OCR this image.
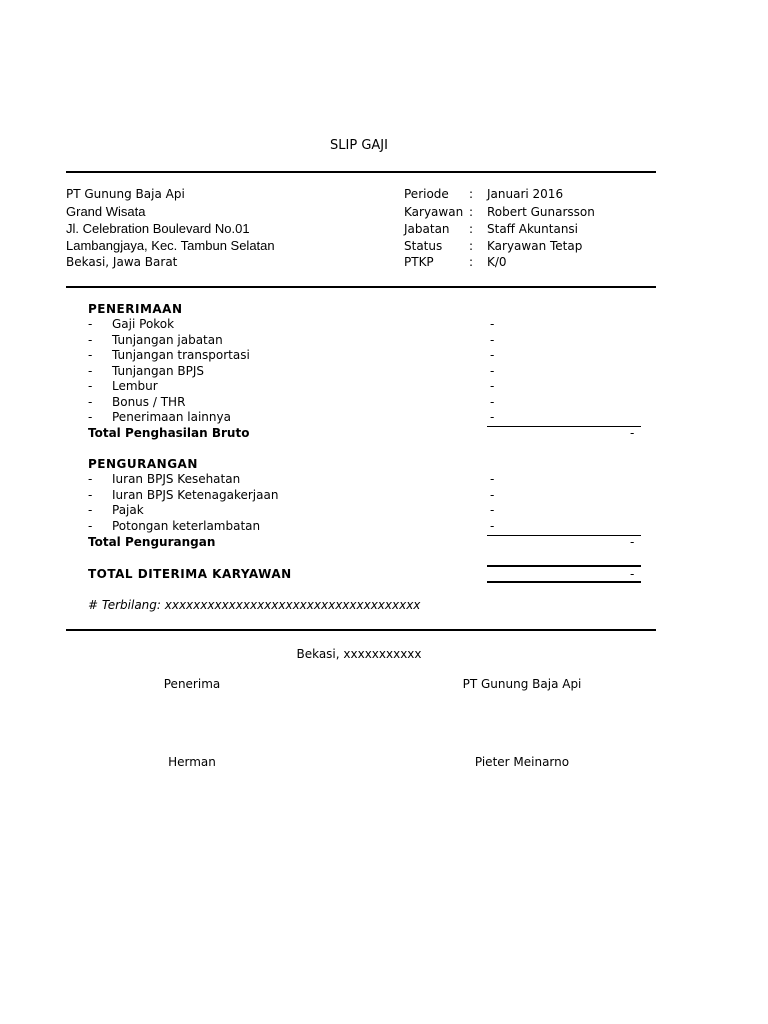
SLIP GAJI
PT Gunung Baja Api
Grand Wisata
Jl. Celebration Boulevard No.01
Lambangjaya, Kec. Tambun Selatan
Bekasi, Jawa Barat
Periode : Januari 2016
Karyawan : Robert Gunarsson
Jabatan : Staff Akuntansi
Status : Karyawan Tetap
PTKP	: K/0
PENERIMAAN
- Gaji Pokok	-
- Tunjangan jabatan	-
- Tunjangan transportasi	-
- Tunjangan BPJS	-
- Lembur	-
- Bonus / THR	-
- Penerimaan lainnya	-
Total Penghasilan Bruto	-
PENGURANGAN
- Iuran BPJS Kesehatan	-
- Iuran BPJS Ketenagakerjaan	-
- Pajak	-
- Potongan keterlambatan	-
Total Pengurangan	-
TOTAL DITERIMA KARYAWAN	-
# Terbilang: xxxxxxxxxxxxxxxxxxxxxxxxxxxxxxxxxxxx
Bekasi, xxxxxxxxxxx
Penerima	PT Gunung Baja Api
Herman	Pieter Meinarno
